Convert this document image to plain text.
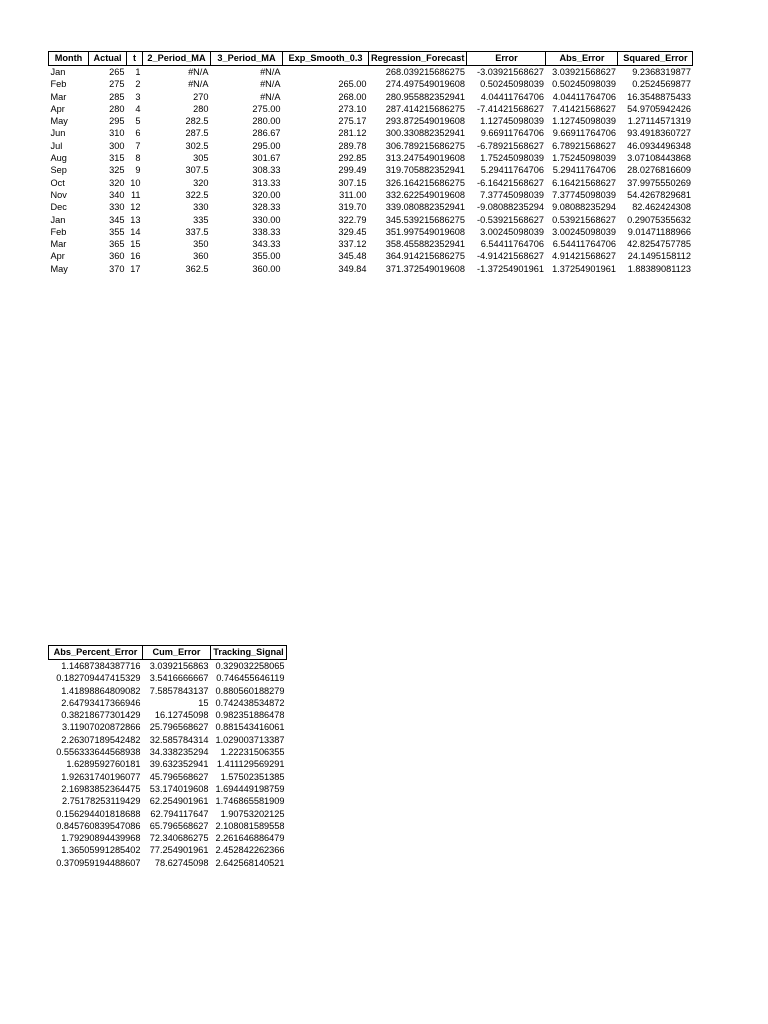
Month	Actual	t	2_Period_MA	3_Period_MA	Exp_Smooth_0.3	Regression_Forecast	Error	Abs_Error	Squared_Error
Jan	265	1	#N/A	#N/A		268.039215686275	-3.03921568627	3.03921568627	9.2368319877
Feb	275	2	#N/A	#N/A	265.00	274.497549019608	0.50245098039	0.50245098039	0.2524569877
Mar	285	3	270	#N/A	268.00	280.955882352941	4.04411764706	4.04411764706	16.3548875433
Apr	280	4	280	275.00	273.10	287.414215686275	-7.41421568627	7.41421568627	54.9705942426
May	295	5	282.5	280.00	275.17	293.872549019608	1.12745098039	1.12745098039	1.27114571319
Jun	310	6	287.5	286.67	281.12	300.330882352941	9.66911764706	9.66911764706	93.4918360727
Jul	300	7	302.5	295.00	289.78	306.789215686275	-6.78921568627	6.78921568627	46.0934496348
Aug	315	8	305	301.67	292.85	313.247549019608	1.75245098039	1.75245098039	3.07108443868
Sep	325	9	307.5	308.33	299.49	319.705882352941	5.29411764706	5.29411764706	28.0276816609
Oct	320	10	320	313.33	307.15	326.164215686275	-6.16421568627	6.16421568627	37.9975550269
Nov	340	11	322.5	320.00	311.00	332.622549019608	7.37745098039	7.37745098039	54.4267829681
Dec	330	12	330	328.33	319.70	339.080882352941	-9.08088235294	9.08088235294	82.462424308
Jan	345	13	335	330.00	322.79	345.539215686275	-0.53921568627	0.53921568627	0.29075355632
Feb	355	14	337.5	338.33	329.45	351.997549019608	3.00245098039	3.00245098039	9.01471188966
Mar	365	15	350	343.33	337.12	358.455882352941	6.54411764706	6.54411764706	42.8254757785
Apr	360	16	360	355.00	345.48	364.914215686275	-4.91421568627	4.91421568627	24.1495158112
May	370	17	362.5	360.00	349.84	371.372549019608	-1.37254901961	1.37254901961	1.88389081123
Abs_Percent_Error	Cum_Error	Tracking_Signal
1.14687384387716	3.0392156863	0.329032258065
0.182709447415329	3.5416666667	0.746455646119
1.41898864809082	7.5857843137	0.880560188279
2.64793417366946	15	0.742438534872
0.38218677301429	16.12745098	0.982351886478
3.11907020872866	25.796568627	0.881543416061
2.26307189542482	32.585784314	1.029003713387
0.556333644568938	34.338235294	1.22231506355
1.6289592760181	39.632352941	1.411129569291
1.92631740196077	45.796568627	1.57502351385
2.16983852364475	53.174019608	1.694449198759
2.75178253119429	62.254901961	1.746865581909
0.156294401818688	62.794117647	1.90753202125
0.845760839547086	65.796568627	2.108081589558
1.79290894439968	72.340686275	2.261646886479
1.36505991285402	77.254901961	2.452842262366
0.370959194488607	78.62745098	2.642568140521
